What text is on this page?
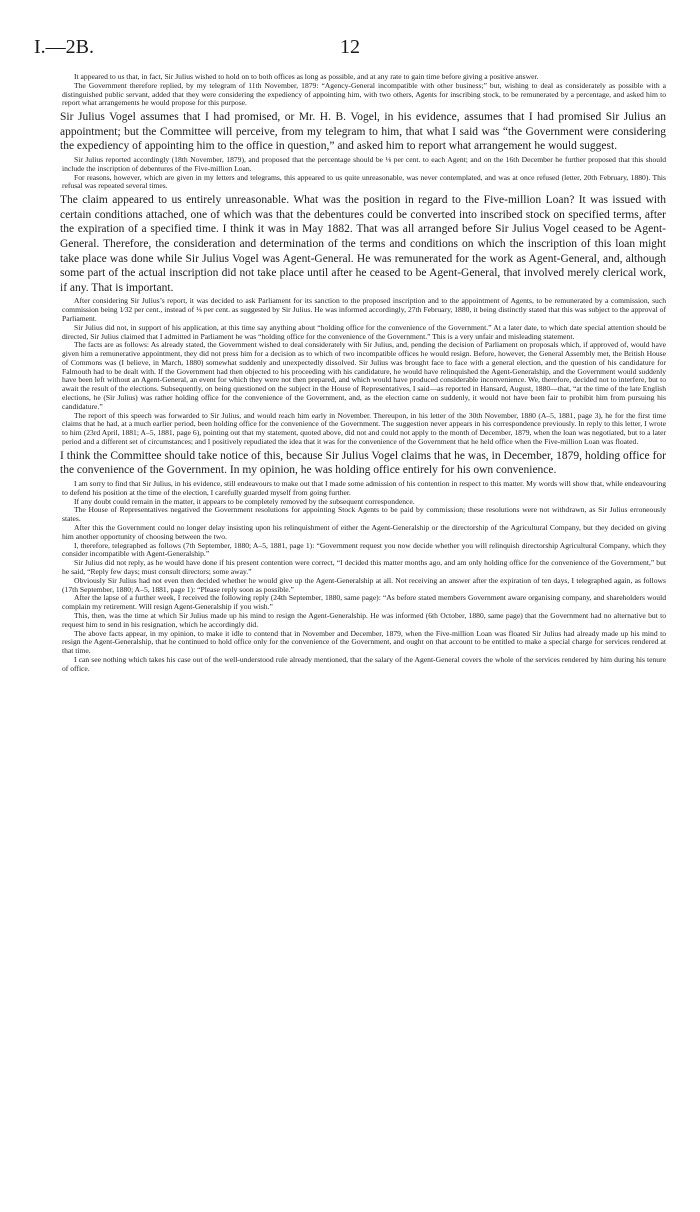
I.—2B.	12

It appeared to us that, in fact, Sir Julius wished to hold on to both offices as long as possible, and at any rate to gain time before giving a positive answer.

The Government therefore replied, by my telegram of 11th November, 1879: “Agency-General incompatible with other business;” but, wishing to deal as considerately as possible with a distinguished public servant, added that they were considering the expediency of appointing him, with two others, Agents for inscribing stock, to be remunerated by a percentage, and asked him to report what arrangements he would propose for this purpose.

Sir Julius Vogel assumes that I had promised, or Mr. H. B. Vogel, in his evidence, assumes that I had promised Sir Julius an appointment; but the Committee will perceive, from my telegram to him, that what I said was “the Government were considering the expediency of appointing him to the office in question,” and asked him to report what arrangement he would suggest.

Sir Julius reported accordingly (18th November, 1879), and proposed that the percentage should be ⅛ per cent. to each Agent; and on the 16th December he further proposed that this should include the inscription of debentures of the Five-million Loan.

For reasons, however, which are given in my letters and telegrams, this appeared to us quite unreasonable, was never contemplated, and was at once refused (letter, 20th February, 1880). This refusal was repeated several times.

The claim appeared to us entirely unreasonable. What was the position in regard to the Five-million Loan? It was issued with certain conditions attached, one of which was that the debentures could be converted into inscribed stock on specified terms, after the expiration of a specified time. I think it was in May 1882. That was all arranged before Sir Julius Vogel ceased to be Agent-General. Therefore, the consideration and determination of the terms and conditions on which the inscription of this loan might take place was done while Sir Julius Vogel was Agent-General. He was remunerated for the work as Agent-General, and, although some part of the actual inscription did not take place until after he ceased to be Agent-General, that involved merely clerical work, if any. That is important.

After considering Sir Julius’s report, it was decided to ask Parliament for its sanction to the proposed inscription and to the appointment of Agents, to be remunerated by a commission, such commission being 1⁄32 per cent., instead of ⅛ per cent. as suggested by Sir Julius. He was informed accordingly, 27th February, 1880, it being distinctly stated that this was subject to the approval of Parliament.

Sir Julius did not, in support of his application, at this time say anything about “holding office for the convenience of the Government.” At a later date, to which date special attention should be directed, Sir Julius claimed that I admitted in Parliament he was “holding office for the convenience of the Government.” This is a very unfair and misleading statement.

The facts are as follows: As already stated, the Government wished to deal considerately with Sir Julius, and, pending the decision of Parliament on proposals which, if approved of, would have given him a remunerative appointment, they did not press him for a decision as to which of two incompatible offices he would resign. Before, however, the General Assembly met, the British House of Commons was (I believe, in March, 1880) somewhat suddenly and unexpectedly dissolved. Sir Julius was brought face to face with a general election, and the question of his candidature for Falmouth had to be dealt with. If the Government had then objected to his proceeding with his candidature, he would have relinquished the Agent-Generalship, and the Government would suddenly have been left without an Agent-General, an event for which they were not then prepared, and which would have produced considerable inconvenience. We, therefore, decided not to interfere, but to await the result of the elections. Subsequently, on being questioned on the subject in the House of Representatives, I said—as reported in Hansard, August, 1880—that, “at the time of the late English elections, he (Sir Julius) was rather holding office for the convenience of the Government, and, as the election came on suddenly, it would not have been fair to prohibit him from pursuing his candidature.”

The report of this speech was forwarded to Sir Julius, and would reach him early in November. Thereupon, in his letter of the 30th November, 1880 (A–5, 1881, page 3), he for the first time claims that he had, at a much earlier period, been holding office for the convenience of the Government. The suggestion never appears in his correspondence previously. In reply to this letter, I wrote to him (23rd April, 1881; A–5, 1881, page 6), pointing out that my statement, quoted above, did not and could not apply to the month of December, 1879, when the loan was negotiated, but to a later period and a different set of circumstances; and I positively repudiated the idea that it was for the convenience of the Government that he held office when the Five-million Loan was floated.

I think the Committee should take notice of this, because Sir Julius Vogel claims that he was, in December, 1879, holding office for the convenience of the Government. In my opinion, he was holding office entirely for his own convenience.

I am sorry to find that Sir Julius, in his evidence, still endeavours to make out that I made some admission of his contention in respect to this matter. My words will show that, while endeavouring to defend his position at the time of the election, I carefully guarded myself from going further.

If any doubt could remain in the matter, it appears to be completely removed by the subsequent correspondence.

The House of Representatives negatived the Government resolutions for appointing Stock Agents to be paid by commission; these resolutions were not withdrawn, as Sir Julius erroneously states.

After this the Government could no longer delay insisting upon his relinquishment of either the Agent-Generalship or the directorship of the Agricultural Company, but they decided on giving him another opportunity of choosing between the two.

I, therefore, telegraphed as follows (7th September, 1880; A–5, 1881, page 1): “Government request you now decide whether you will relinquish directorship Agricultural Company, which they consider incompatible with Agent-Generalship.”

Sir Julius did not reply, as he would have done if his present contention were correct, “I decided this matter months ago, and am only holding office for the convenience of the Government,” but he said, “Reply few days; must consult directors; some away.”

Obviously Sir Julius had not even then decided whether he would give up the Agent-Generalship at all. Not receiving an answer after the expiration of ten days, I telegraphed again, as follows (17th September, 1880; A–5, 1881, page 1): “Please reply soon as possible.”

After the lapse of a further week, I received the following reply (24th September, 1880, same page): “As before stated members Government aware organising company, and shareholders would complain my retirement. Will resign Agent-Generalship if you wish.”

This, then, was the time at which Sir Julius made up his mind to resign the Agent-Generalship. He was informed (6th October, 1880, same page) that the Government had no alternative but to request him to send in his resignation, which he accordingly did.

The above facts appear, in my opinion, to make it idle to contend that in November and December, 1879, when the Five-million Loan was floated Sir Julius had already made up his mind to resign the Agent-Generalship, that he continued to hold office only for the convenience of the Government, and ought on that account to be entitled to make a special charge for services rendered at that time.

I can see nothing which takes his case out of the well-understood rule already mentioned, that the salary of the Agent-General covers the whole of the services rendered by him during his tenure of office.
